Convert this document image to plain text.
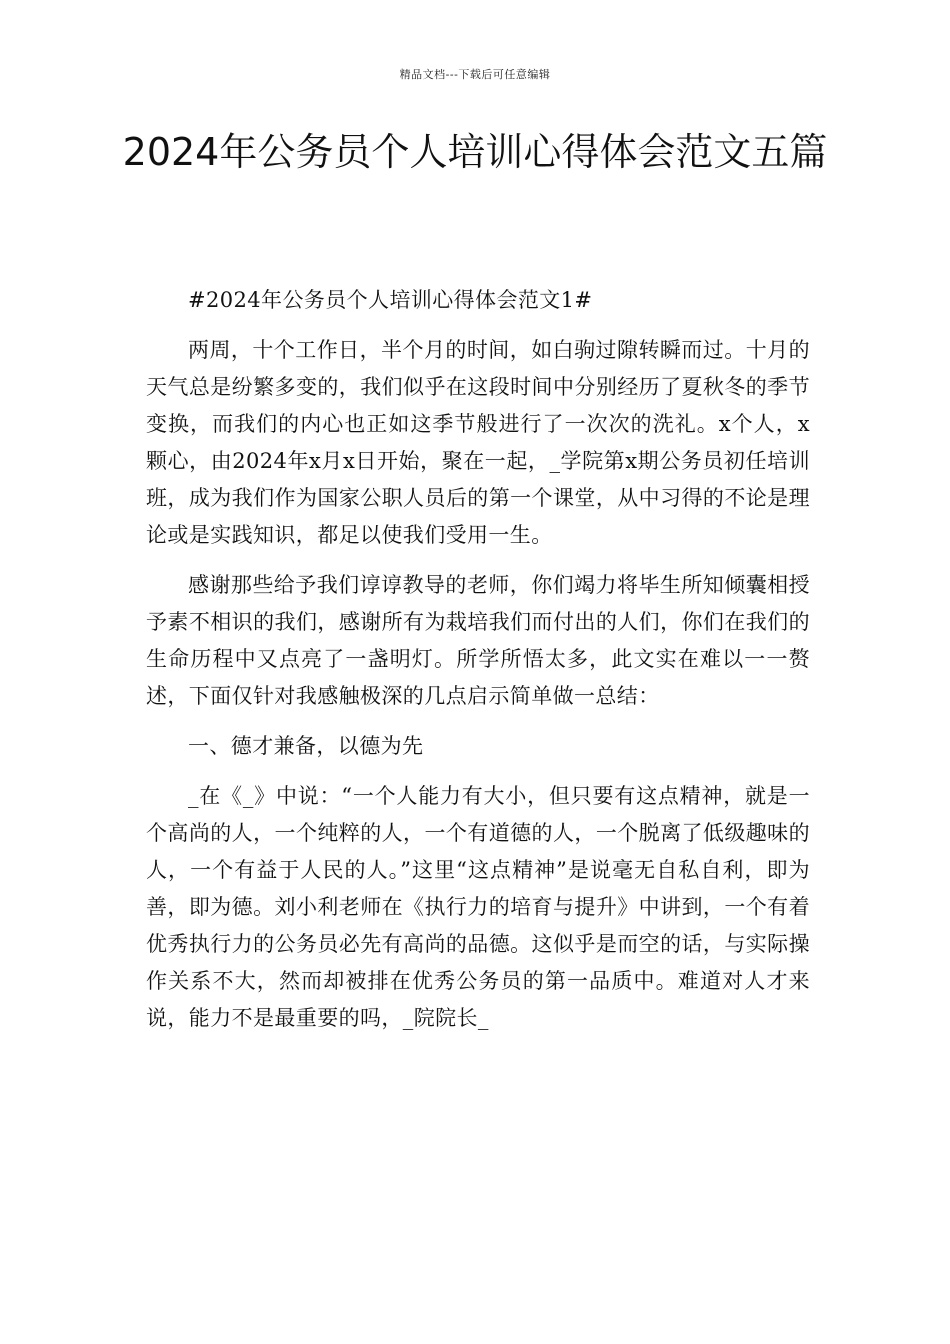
精品文档---下载后可任意编辑
2024年公务员个人培训心得体会范文五篇

#2024年公务员个人培训心得体会范文1#

两周，十个工作日，半个月的时间，如白驹过隙转瞬而过。十月的天气总是纷繁多变的，我们似乎在这段时间中分别经历了夏秋冬的季节变换，而我们的内心也正如这季节般进行了一次次的洗礼。x个人，x颗心，由2024年x月x日开始，聚在一起，_学院第x期公务员初任培训班，成为我们作为国家公职人员后的第一个课堂，从中习得的不论是理论或是实践知识，都足以使我们受用一生。

感谢那些给予我们谆谆教导的老师，你们竭力将毕生所知倾囊相授予素不相识的我们，感谢所有为栽培我们而付出的人们，你们在我们的生命历程中又点亮了一盏明灯。所学所悟太多，此文实在难以一一赘述，下面仅针对我感触极深的几点启示简单做一总结：

一、德才兼备，以德为先

_在《_》中说：“一个人能力有大小，但只要有这点精神，就是一个高尚的人，一个纯粹的人，一个有道德的人，一个脱离了低级趣味的人，一个有益于人民的人。”这里“这点精神”是说毫无自私自利，即为善，即为德。刘小利老师在《执行力的培育与提升》中讲到，一个有着优秀执行力的公务员必先有高尚的品德。这似乎是而空的话，与实际操作关系不大，然而却被排在优秀公务员的第一品质中。难道对人才来说，能力不是最重要的吗，_院院长_
